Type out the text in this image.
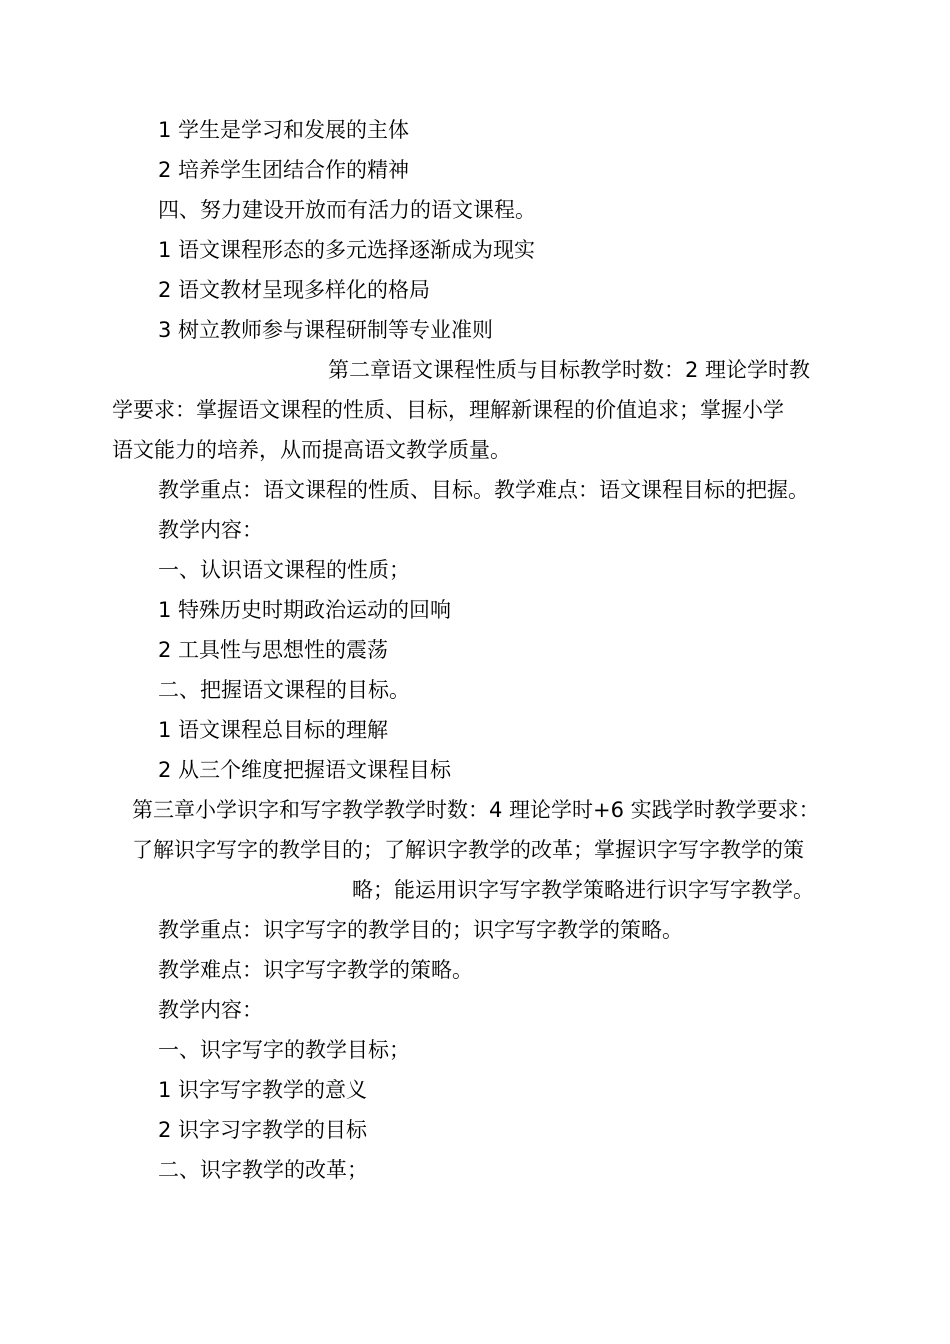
1 学生是学习和发展的主体

2 培养学生团结合作的精神

四、努力建设开放而有活力的语文课程。

1 语文课程形态的多元选择逐渐成为现实

2 语文教材呈现多样化的格局

3 树立教师参与课程研制等专业准则

第二章语文课程性质与目标教学时数：2 理论学时教

学要求：掌握语文课程的性质、目标，理解新课程的价值追求；掌握小学

语文能力的培养，从而提高语文教学质量。

教学重点：语文课程的性质、目标。教学难点：语文课程目标的把握。

教学内容：

一、认识语文课程的性质；

1 特殊历史时期政治运动的回响

2 工具性与思想性的震荡

二、把握语文课程的目标。

1 语文课程总目标的理解

2 从三个维度把握语文课程目标

第三章小学识字和写字教学教学时数：4 理论学时+6 实践学时教学要求：

了解识字写字的教学目的；了解识字教学的改革；掌握识字写字教学的策

略；能运用识字写字教学策略进行识字写字教学。

教学重点：识字写字的教学目的；识字写字教学的策略。

教学难点：识字写字教学的策略。

教学内容：

一、识字写字的教学目标；

1 识字写字教学的意义

2 识字习字教学的目标

二、识字教学的改革；
